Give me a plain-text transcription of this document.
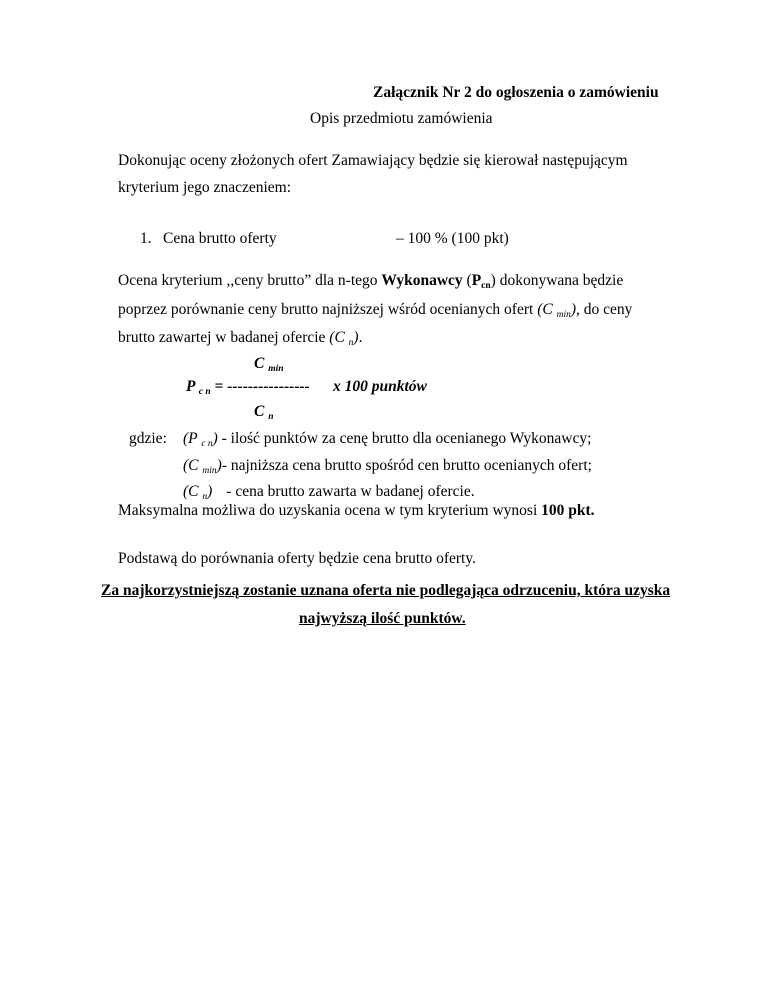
Załącznik Nr 2 do ogłoszenia o zamówieniu
Opis przedmiotu zamówienia
Dokonując oceny złożonych ofert Zamawiający będzie się kierował następującym
kryterium jego znaczeniem:
1. Cena brutto oferty	– 100 % (100 pkt)
Ocena kryterium ,,ceny brutto” dla n-tego Wykonawcy (Pcn) dokonywana będzie
poprzez porównanie ceny brutto najniższej wśród ocenianych ofert (C min), do ceny
brutto zawartej w badanej ofercie (C n).
C min
P c n = ---------------- x 100 punktów
C n
gdzie: (P c n) - ilość punktów za cenę brutto dla ocenianego Wykonawcy;
(C min)- najniższa cena brutto spośród cen brutto ocenianych ofert;
(C n) - cena brutto zawarta w badanej ofercie.
Maksymalna możliwa do uzyskania ocena w tym kryterium wynosi 100 pkt.
Podstawą do porównania oferty będzie cena brutto oferty.
Za najkorzystniejszą zostanie uznana oferta nie podlegająca odrzuceniu, która uzyska
najwyższą ilość punktów.
